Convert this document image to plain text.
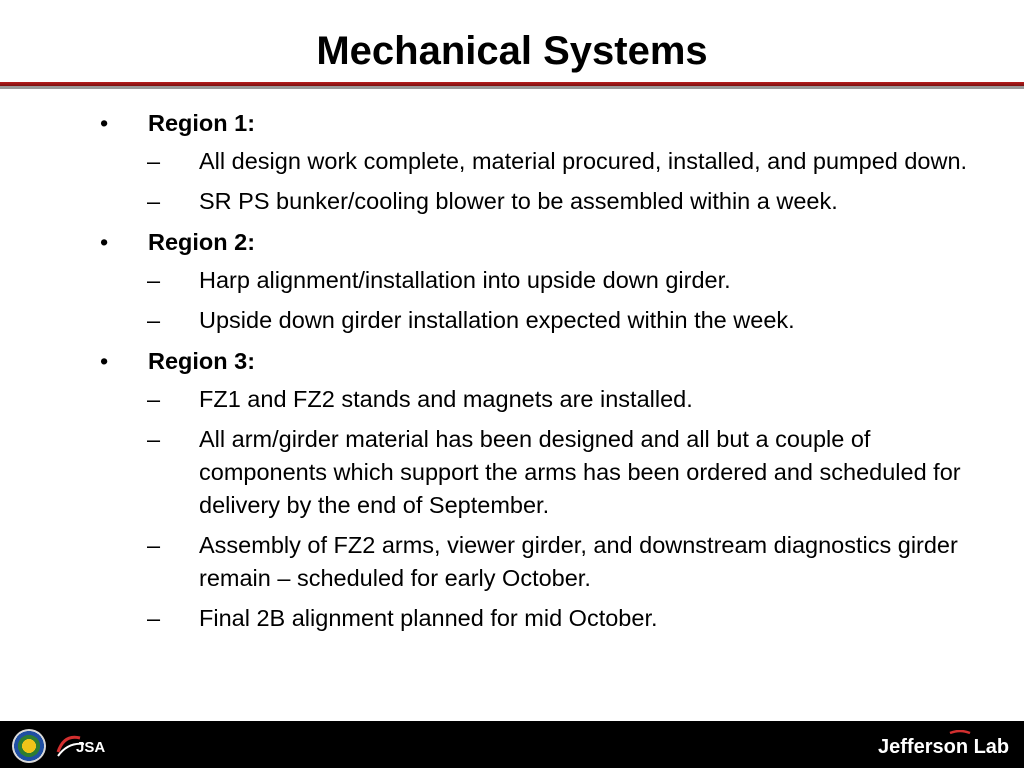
Mechanical Systems
• Region 1:
– All design work complete, material procured, installed, and pumped down.
– SR PS bunker/cooling blower to be assembled within a week.
• Region 2:
– Harp alignment/installation into upside down girder.
– Upside down girder installation expected within the week.
• Region 3:
– FZ1 and FZ2 stands and magnets are installed.
– All arm/girder material has been designed and all but a couple of components which support the arms has been ordered and scheduled for delivery by the end of September.
– Assembly of FZ2 arms, viewer girder, and downstream diagnostics girder remain – scheduled for early October.
– Final 2B alignment planned for mid October.
JSA	Jefferson Lab
